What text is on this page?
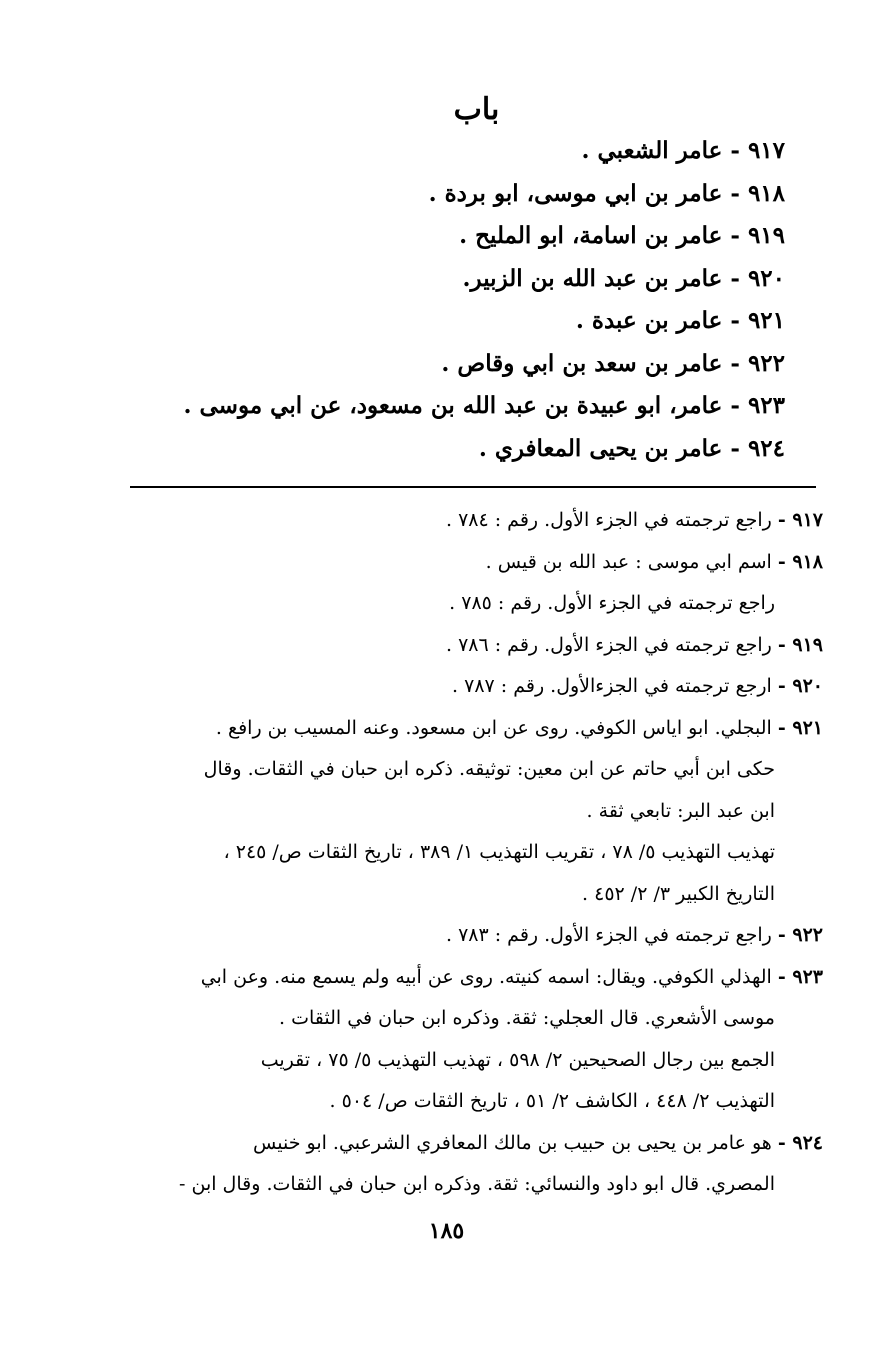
باب
٩١٧ - عامر الشعبي .
٩١٨ - عامر بن ابي موسى، ابو بردة .
٩١٩ - عامر بن اسامة، ابو المليح .
٩٢٠ - عامر بن عبد الله بن الزبير.
٩٢١ - عامر بن عبدة .
٩٢٢ - عامر بن سعد بن ابي وقاص .
٩٢٣ - عامر، ابو عبيدة بن عبد الله بن مسعود، عن ابي موسى .
٩٢٤ - عامر بن يحيى المعافري .
٩١٧ - راجع ترجمته في الجزء الأول. رقم : ٧٨٤ .
٩١٨ - اسم ابي موسى : عبد الله بن قيس .
راجع ترجمته في الجزء الأول. رقم : ٧٨٥ .
٩١٩ - راجع ترجمته في الجزء الأول. رقم : ٧٨٦ .
٩٢٠ - ارجع ترجمته في الجزءالأول. رقم : ٧٨٧ .
٩٢١ - البجلي. ابو اياس الكوفي. روى عن ابن مسعود. وعنه المسيب بن رافع .
حكى ابن أبي حاتم عن ابن معين: توثيقه. ذكره ابن حبان في الثقات. وقال
ابن عبد البر: تابعي ثقة .
تهذيب التهذيب ٥/ ٧٨ ، تقريب التهذيب ١/ ٣٨٩ ، تاريخ الثقات ص/ ٢٤٥ ،
التاريخ الكبير ٣/ ٢/ ٤٥٢ .
٩٢٢ - راجع ترجمته في الجزء الأول. رقم : ٧٨٣ .
٩٢٣ - الهذلي الكوفي. ويقال: اسمه كنيته. روى عن أبيه ولم يسمع منه. وعن ابي
موسى الأشعري. قال العجلي: ثقة. وذكره ابن حبان في الثقات .
الجمع بين رجال الصحيحين ٢/ ٥٩٨ ، تهذيب التهذيب ٥/ ٧٥ ، تقريب
التهذيب ٢/ ٤٤٨ ، الكاشف ٢/ ٥١ ، تاريخ الثقات ص/ ٥٠٤ .
٩٢٤ - هو عامر بن يحيى بن حبيب بن مالك المعافري الشرعبي. ابو خنيس
المصري. قال ابو داود والنسائي: ثقة. وذكره ابن حبان في الثقات. وقال ابن -
١٨٥
